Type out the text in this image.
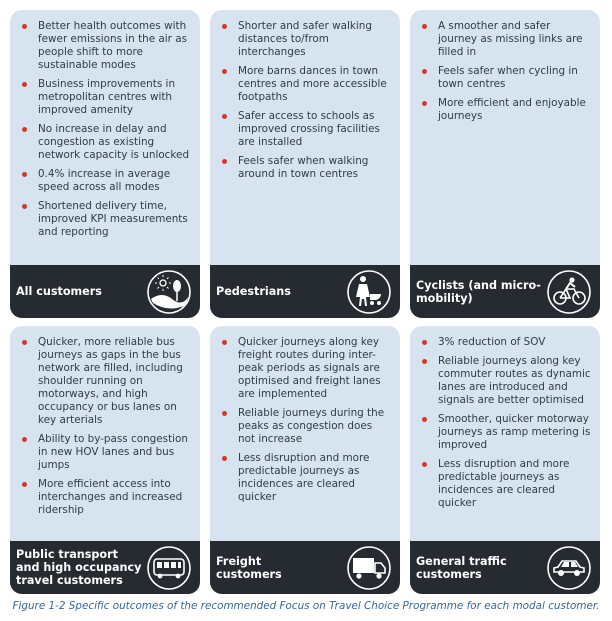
Better health outcomes with fewer emissions in the air as people shift to more sustainable modes
Business improvements in metropolitan centres with improved amenity
No increase in delay and congestion as existing network capacity is unlocked
0.4% increase in average speed across all modes
Shortened delivery time, improved KPI measurements and reporting
All customers
Shorter and safer walking distances to/from interchanges
More barns dances in town centres and more accessible footpaths
Safer access to schools as improved crossing facilities are installed
Feels safer when walking around in town centres
Pedestrians
A smoother and safer journey as missing links are filled in
Feels safer when cycling in town centres
More efficient and enjoyable journeys
Cyclists (and micro-
mobility)
Quicker, more reliable bus journeys as gaps in the bus network are filled, including shoulder running on motorways, and high occupancy or bus lanes on key arterials
Ability to by-pass congestion in new HOV lanes and bus jumps
More efficient access into interchanges and increased ridership
Public transport
and high occupancy
travel customers
Quicker journeys along key freight routes during inter-peak periods as signals are optimised and freight lanes are implemented
Reliable journeys during the peaks as congestion does not increase
Less disruption and more predictable journeys as incidences are cleared quicker
Freight
customers
3% reduction of SOV
Reliable journeys along key commuter routes as dynamic lanes are introduced and signals are better optimised
Smoother, quicker motorway journeys as ramp metering is improved
Less disruption and more predictable journeys as incidences are cleared quicker
General traffic
customers
Figure 1-2 Specific outcomes of the recommended Focus on Travel Choice Programme for each modal customer.
